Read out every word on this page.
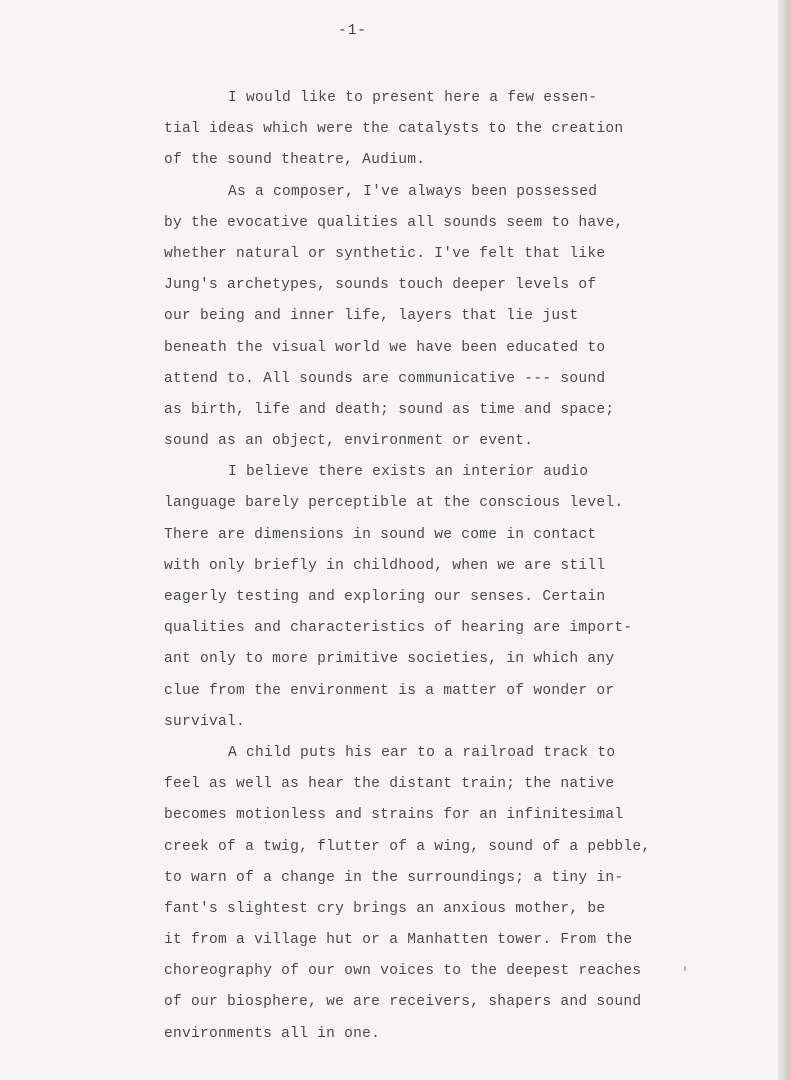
-1-
I would like to present here a few essen-
tial ideas which were the catalysts to the creation
of the sound theatre, Audium.
As a composer, I've always been possessed
by the evocative qualities all sounds seem to have,
whether natural or synthetic. I've felt that like
Jung's archetypes, sounds touch deeper levels of
our being and inner life, layers that lie just
beneath the visual world we have been educated to
attend to. All sounds are communicative --- sound
as birth, life and death; sound as time and space;
sound as an object, environment or event.
I believe there exists an interior audio
language barely perceptible at the conscious level.
There are dimensions in sound we come in contact
with only briefly in childhood, when we are still
eagerly testing and exploring our senses. Certain
qualities and characteristics of hearing are import-
ant only to more primitive societies, in which any
clue from the environment is a matter of wonder or
survival.
A child puts his ear to a railroad track to
feel as well as hear the distant train; the native
becomes motionless and strains for an infinitesimal
creek of a twig, flutter of a wing, sound of a pebble,
to warn of a change in the surroundings; a tiny in-
fant's slightest cry brings an anxious mother, be
it from a village hut or a Manhatten tower. From the
choreography of our own voices to the deepest reaches
of our biosphere, we are receivers, shapers and sound
environments all in one.
